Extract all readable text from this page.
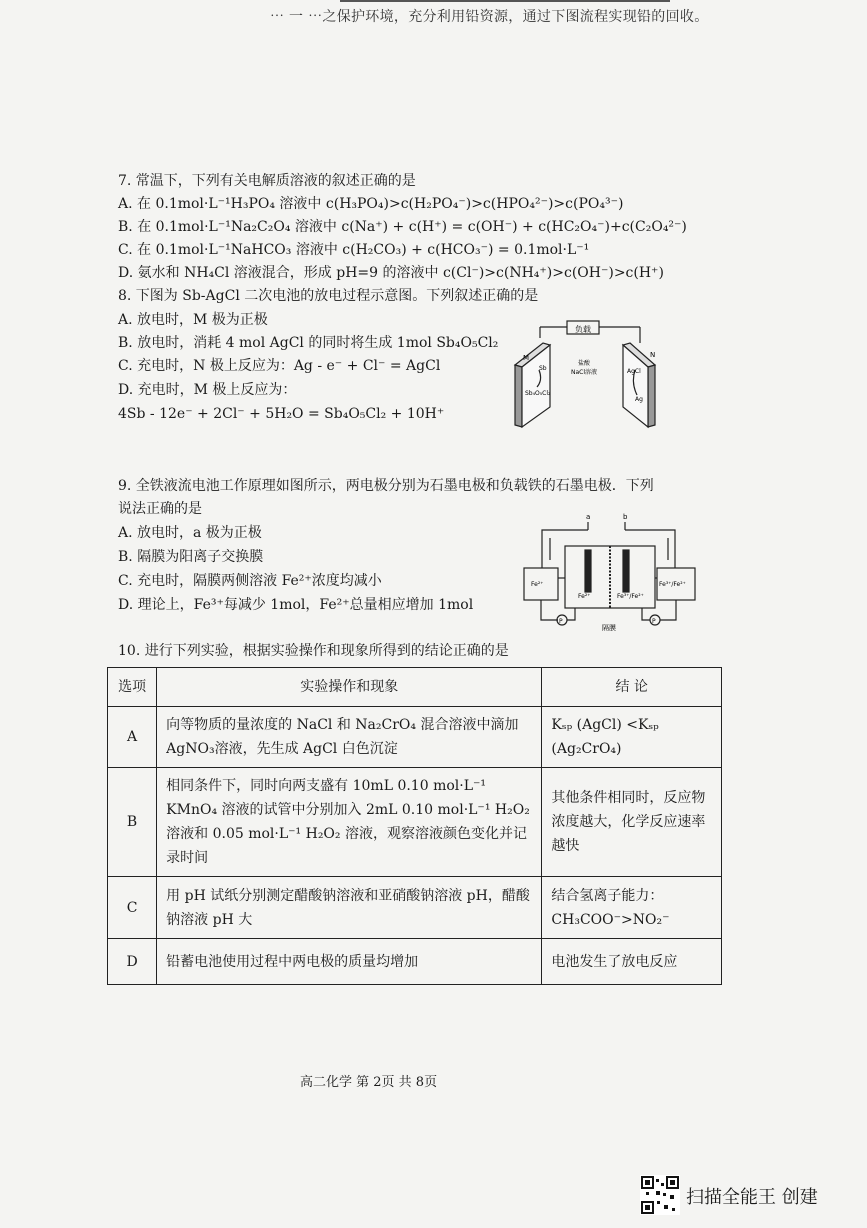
⋯ 一 ⋯之保护环境，充分利用铅资源，通过下图流程实现铅的回收。
7. 常温下，下列有关电解质溶液的叙述正确的是
A. 在 0.1mol·L⁻¹H₃PO₄ 溶液中 c(H₃PO₄)>c(H₂PO₄⁻)>c(HPO₄²⁻)>c(PO₄³⁻)
B. 在 0.1mol·L⁻¹Na₂C₂O₄ 溶液中 c(Na⁺) + c(H⁺) = c(OH⁻) + c(HC₂O₄⁻)+c(C₂O₄²⁻)
C. 在 0.1mol·L⁻¹NaHCO₃ 溶液中 c(H₂CO₃) + c(HCO₃⁻) = 0.1mol·L⁻¹
D. 氨水和 NH₄Cl 溶液混合，形成 pH=9 的溶液中 c(Cl⁻)>c(NH₄⁺)>c(OH⁻)>c(H⁺)
8. 下图为 Sb-AgCl 二次电池的放电过程示意图。下列叙述正确的是
A. 放电时，M 极为正极
B. 放电时，消耗 4 mol AgCl 的同时将生成 1mol Sb₄O₅Cl₂
C. 充电时，N 极上反应为：Ag - e⁻ + Cl⁻ = AgCl
D. 充电时，M 极上反应为：
4Sb - 12e⁻ + 2Cl⁻ + 5H₂O = Sb₄O₅Cl₂ + 10H⁺
负载
M	N
Sb
Sb₄O₅Cl₂
盐酸
NaCl溶液	AgCl
Ag
9. 全铁液流电池工作原理如图所示，两电极分别为石墨电极和负载铁的石墨电极．下列
说法正确的是
A. 放电时，a 极为正极
B. 隔膜为阳离子交换膜
C. 充电时，隔膜两侧溶液 Fe²⁺浓度均减小
D. 理论上，Fe³⁺每减少 1mol，Fe²⁺总量相应增加 1mol
a	b
Fe²⁺
Fe²⁺	Fe³⁺/Fe²⁺
Fe³⁺/Fe²⁺
P	P
隔膜
10. 进行下列实验，根据实验操作和现象所得到的结论正确的是
选项	实验操作和现象	结 论
A	向等物质的量浓度的 NaCl 和 Na₂CrO₄ 混合溶液中滴加 AgNO₃溶液，先生成 AgCl 白色沉淀	Kₛₚ (AgCl) <Kₛₚ (Ag₂CrO₄)
B	相同条件下，同时向两支盛有 10mL 0.10 mol·L⁻¹ KMnO₄ 溶液的试管中分别加入 2mL 0.10 mol·L⁻¹ H₂O₂ 溶液和 0.05 mol·L⁻¹ H₂O₂ 溶液，观察溶液颜色变化并记录时间	其他条件相同时，反应物浓度越大，化学反应速率越快
C	用 pH 试纸分别测定醋酸钠溶液和亚硝酸钠溶液 pH，醋酸钠溶液 pH 大	结合氢离子能力：CH₃COO⁻>NO₂⁻
D	铅蓄电池使用过程中两电极的质量均增加	电池发生了放电反应
高二化学 第 2页 共 8页
扫描全能王 创建
